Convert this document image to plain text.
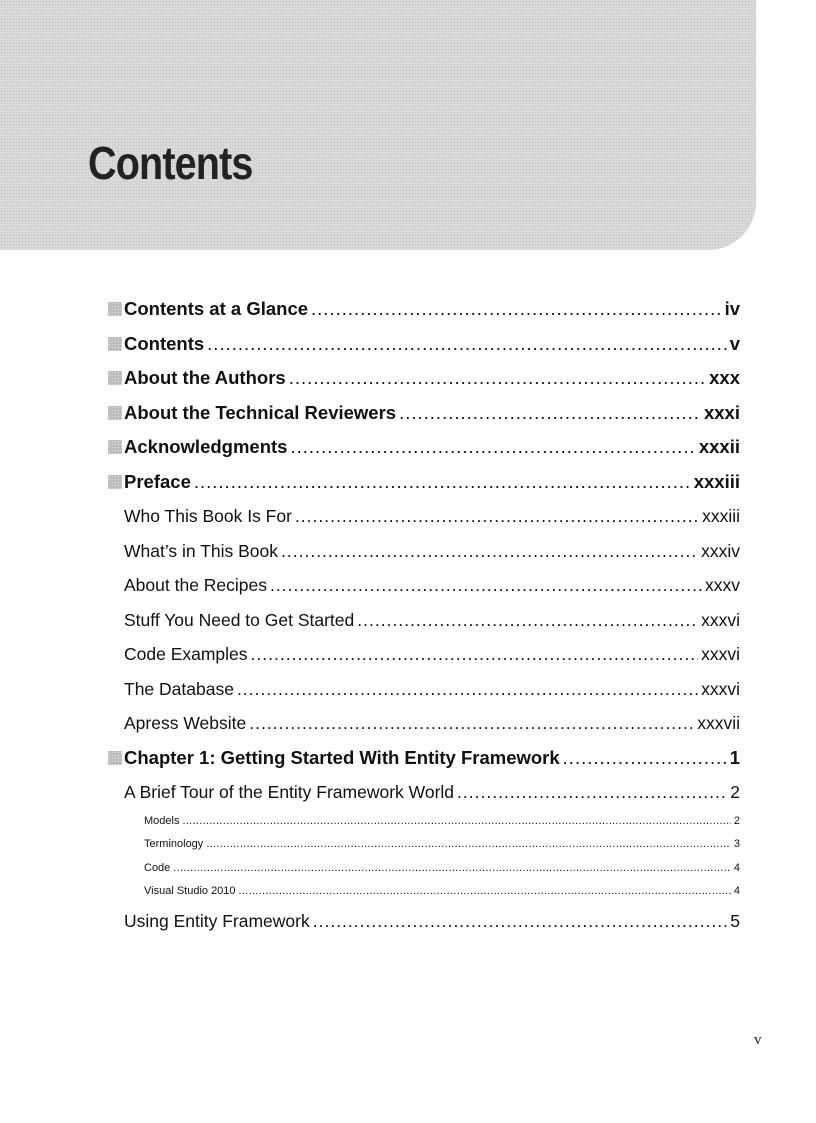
Contents
Contents at a Glance .....	iv
Contents .....	v
About the Authors .....	xxx
About the Technical Reviewers .....	xxxi
Acknowledgments .....	xxxii
Preface .....	xxxiii
Who This Book Is For .....	xxxiii
What’s in This Book .....	xxxiv
About the Recipes .....	xxxv
Stuff You Need to Get Started .....	xxxvi
Code Examples .....	xxxvi
The Database .....	xxxvi
Apress Website .....	xxxvii
Chapter 1: Getting Started With Entity Framework .....	1
A Brief Tour of the Entity Framework World .....	2
Models .....	2
Terminology .....	3
Code .....	4
Visual Studio 2010 .....	4
Using Entity Framework .....	5
v
